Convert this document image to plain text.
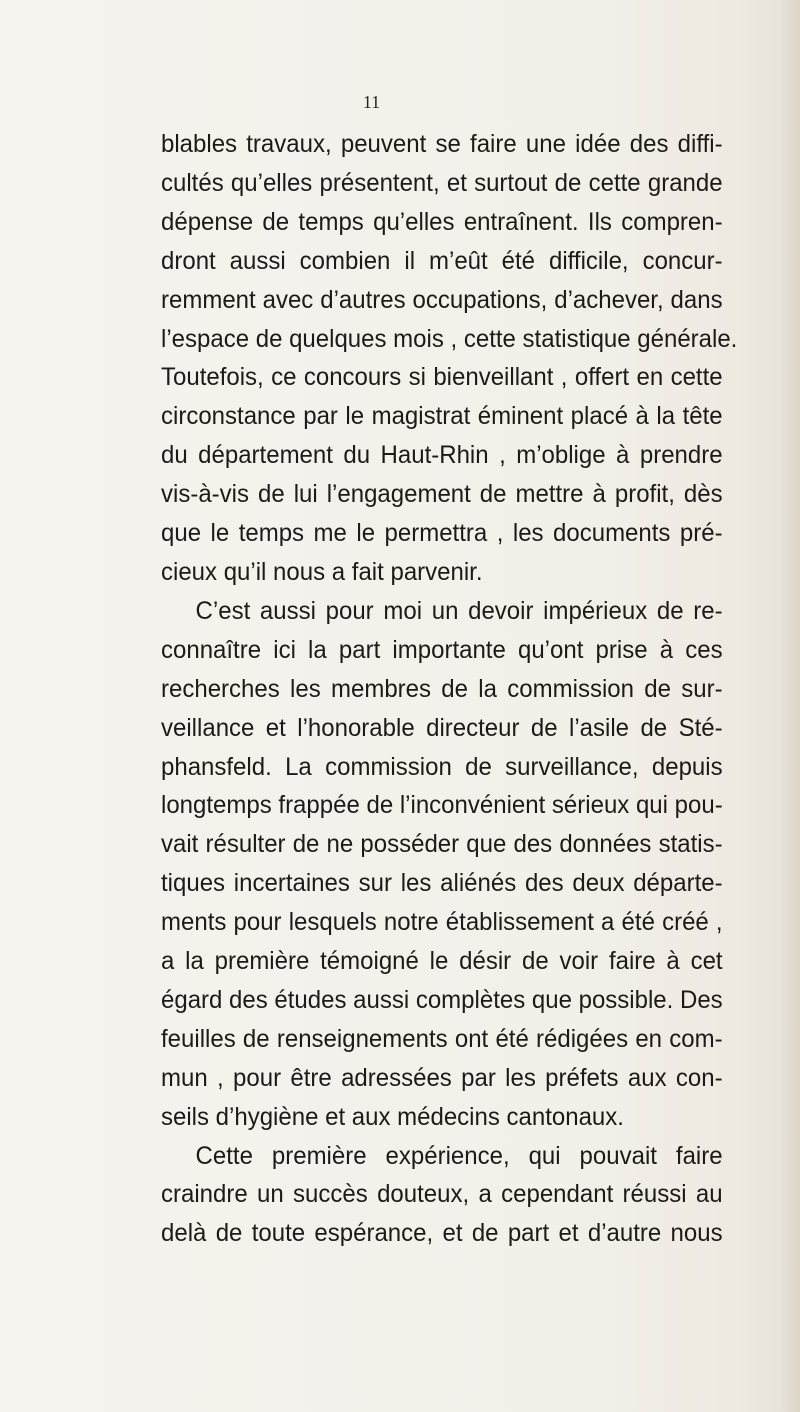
11
blables travaux, peuvent se faire une idée des diffi-
cultés qu’elles présentent, et surtout de cette grande
dépense de temps qu’elles entraînent. Ils compren-
dront aussi combien il m’eût été difficile, concur-
remment avec d’autres occupations, d’achever, dans
l’espace de quelques mois , cette statistique générale.
Toutefois, ce concours si bienveillant , offert en cette
circonstance par le magistrat éminent placé à la tête
du département du Haut-Rhin , m’oblige à prendre
vis-à-vis de lui l’engagement de mettre à profit, dès
que le temps me le permettra , les documents pré-
cieux qu’il nous a fait parvenir.
C’est aussi pour moi un devoir impérieux de re-
connaître ici la part importante qu’ont prise à ces
recherches les membres de la commission de sur-
veillance et l’honorable directeur de l’asile de Sté-
phansfeld. La commission de surveillance, depuis
longtemps frappée de l’inconvénient sérieux qui pou-
vait résulter de ne posséder que des données statis-
tiques incertaines sur les aliénés des deux départe-
ments pour lesquels notre établissement a été créé ,
a la première témoigné le désir de voir faire à cet
égard des études aussi complètes que possible. Des
feuilles de renseignements ont été rédigées en com-
mun , pour être adressées par les préfets aux con-
seils d’hygiène et aux médecins cantonaux.
Cette première expérience, qui pouvait faire
craindre un succès douteux, a cependant réussi au
delà de toute espérance, et de part et d’autre nous
